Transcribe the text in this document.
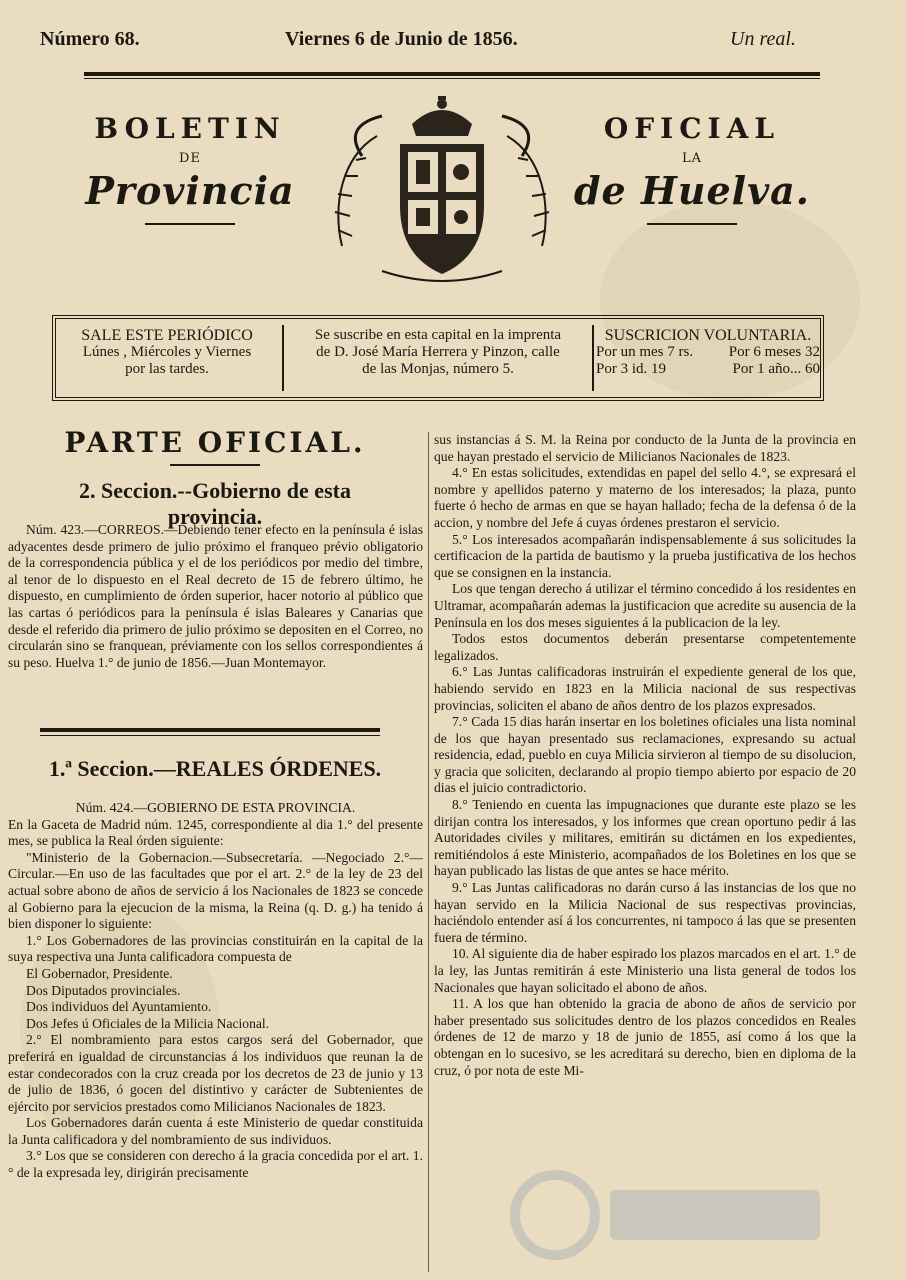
Número 68.	Viernes 6 de Junio de 1856.	Un real.
BOLETIN
DE
Provincia
OFICIAL
LA
de Huelva.
SALE ESTE PERIÓDICO
Lúnes , Miércoles y Viernes
por las tardes.
Se suscribe en esta capital en la imprenta
de D. José María Herrera y Pinzon, calle
de las Monjas, número 5.
SUSCRICION VOLUNTARIA.
Por un mes 7 rs. Por 6 meses 32
Por 3 id. 19	Por 1 año... 60
PARTE OFICIAL.
2. Seccion.--Gobierno de esta provincia.

Núm. 423.—CORREOS.—Debiendo tener efecto en la península é islas adyacentes desde primero de julio próximo el franqueo prévio obligatorio de la correspondencia pública y el de los periódicos por medio del timbre, al tenor de lo dispuesto en el Real decreto de 15 de febrero último, he dispuesto, en cumplimiento de órden superior, hacer notorio al público que las cartas ó periódicos para la península é islas Baleares y Canarias que desde el referido dia primero de julio próximo se depositen en el Correo, no circularán sino se franquean, préviamente con los sellos correspondientes á su peso. Huelva 1.° de junio de 1856.—Juan Montemayor.

1.ª Seccion.—REALES ÓRDENES.

Núm. 424.—GOBIERNO DE ESTA PROVINCIA.

En la Gaceta de Madrid núm. 1245, correspondiente al dia 1.° del presente mes, se publica la Real órden siguiente:

"Ministerio de la Gobernacion.—Subsecretaría. —Negociado 2.°—Circular.—En uso de las facultades que por el art. 2.° de la ley de 23 del actual sobre abono de años de servicio á los Nacionales de 1823 se concede al Gobierno para la ejecucion de la misma, la Reina (q. D. g.) ha tenido á bien disponer lo siguiente:

1.° Los Gobernadores de las provincias constituirán en la capital de la suya respectiva una Junta calificadora compuesta de

El Gobernador, Presidente.

Dos Diputados provinciales.

Dos individuos del Ayuntamiento.

Dos Jefes ú Oficiales de la Milicia Nacional.

2.° El nombramiento para estos cargos será del Gobernador, que preferirá en igualdad de circunstancias á los individuos que reunan la de estar condecorados con la cruz creada por los decretos de 23 de junio y 13 de julio de 1836, ó gocen del distintivo y carácter de Subtenientes de ejército por servicios prestados como Milicianos Nacionales de 1823.

Los Gobernadores darán cuenta á este Ministerio de quedar constituida la Junta calificadora y del nombramiento de sus individuos.

3.° Los que se consideren con derecho á la gracia concedida por el art. 1.° de la expresada ley, dirigirán precisamente

sus instancias á S. M. la Reina por conducto de la Junta de la provincia en que hayan prestado el servicio de Milicianos Nacionales de 1823.

4.° En estas solicitudes, extendidas en papel del sello 4.°, se expresará el nombre y apellidos paterno y materno de los interesados; la plaza, punto fuerte ó hecho de armas en que se hayan hallado; fecha de la defensa ó de la accion, y nombre del Jefe á cuyas órdenes prestaron el servicio.

5.° Los interesados acompañarán indispensablemente á sus solicitudes la certificacion de la partida de bautismo y la prueba justificativa de los hechos que se consignen en la instancia.

Los que tengan derecho á utilizar el término concedido á los residentes en Ultramar, acompañarán ademas la justificacion que acredite su ausencia de la Península en los dos meses siguientes á la publicacion de la ley.

Todos estos documentos deberán presentarse competentemente legalizados.

6.° Las Juntas calificadoras instruirán el expediente general de los que, habiendo servido en 1823 en la Milicia nacional de sus respectivas provincias, soliciten el abano de años dentro de los plazos expresados.

7.° Cada 15 dias harán insertar en los boletines oficiales una lista nominal de los que hayan presentado sus reclamaciones, expresando su actual residencia, edad, pueblo en cuya Milicia sirvieron al tiempo de su disolucion, y gracia que soliciten, declarando al propio tiempo abierto por espacio de 20 dias el juicio contradictorio.

8.° Teniendo en cuenta las impugnaciones que durante este plazo se les dirijan contra los interesados, y los informes que crean oportuno pedir á las Autoridades civiles y militares, emitirán su dictámen en los expedientes, remitiéndolos á este Ministerio, acompañados de los Boletines en los que se hayan publicado las listas de que antes se hace mérito.

9.° Las Juntas calificadoras no darán curso á las instancias de los que no hayan servido en la Milicia Nacional de sus respectivas provincias, haciéndolo entender así á los concurrentes, ni tampoco á las que se presenten fuera de término.

10. Al siguiente dia de haber espirado los plazos marcados en el art. 1.° de la ley, las Juntas remitirán á este Ministerio una lista general de todos los Nacionales que hayan solicitado el abono de años.

11. A los que han obtenido la gracia de abono de años de servicio por haber presentado sus solicitudes dentro de los plazos concedidos en Reales órdenes de 12 de marzo y 18 de junio de 1855, así como á los que la obtengan en lo sucesivo, se les acreditará su derecho, bien en diploma de la cruz, ó por nota de este Mi-
